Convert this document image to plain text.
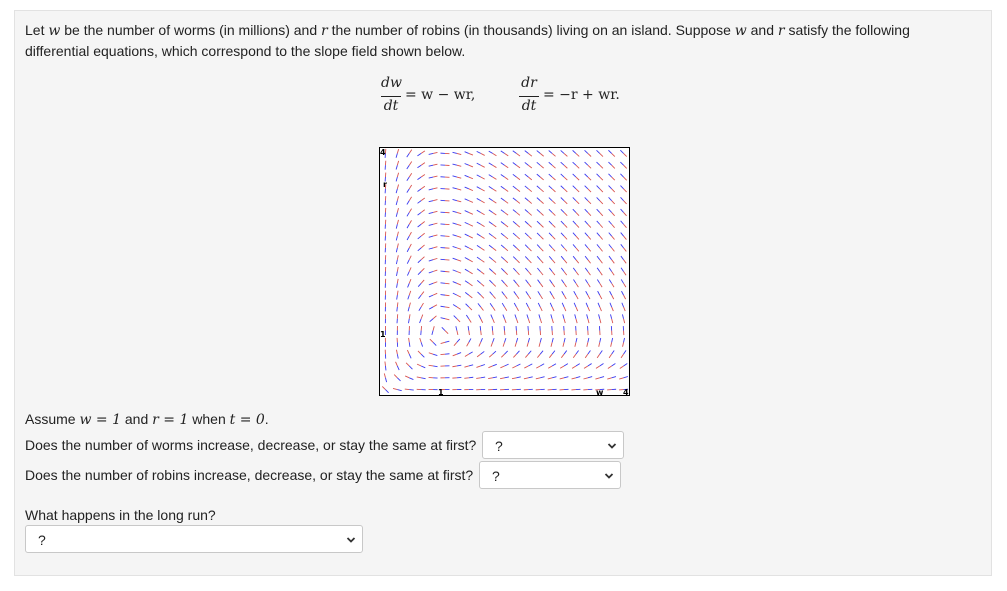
Let w be the number of worms (in millions) and r the number of robins (in thousands) living on an island. Suppose w and r satisfy the following differential equations, which correspond to the slope field shown below.
dw
dt
= w − wr,
dr
dt
= −r + wr.
4
r
1
1	w 4
Assume w = 1 and r = 1 when t = 0.
Does the number of worms increase, decrease, or stay the same at first? ?
Does the number of robins increase, decrease, or stay the same at first? ?
What happens in the long run?
?
